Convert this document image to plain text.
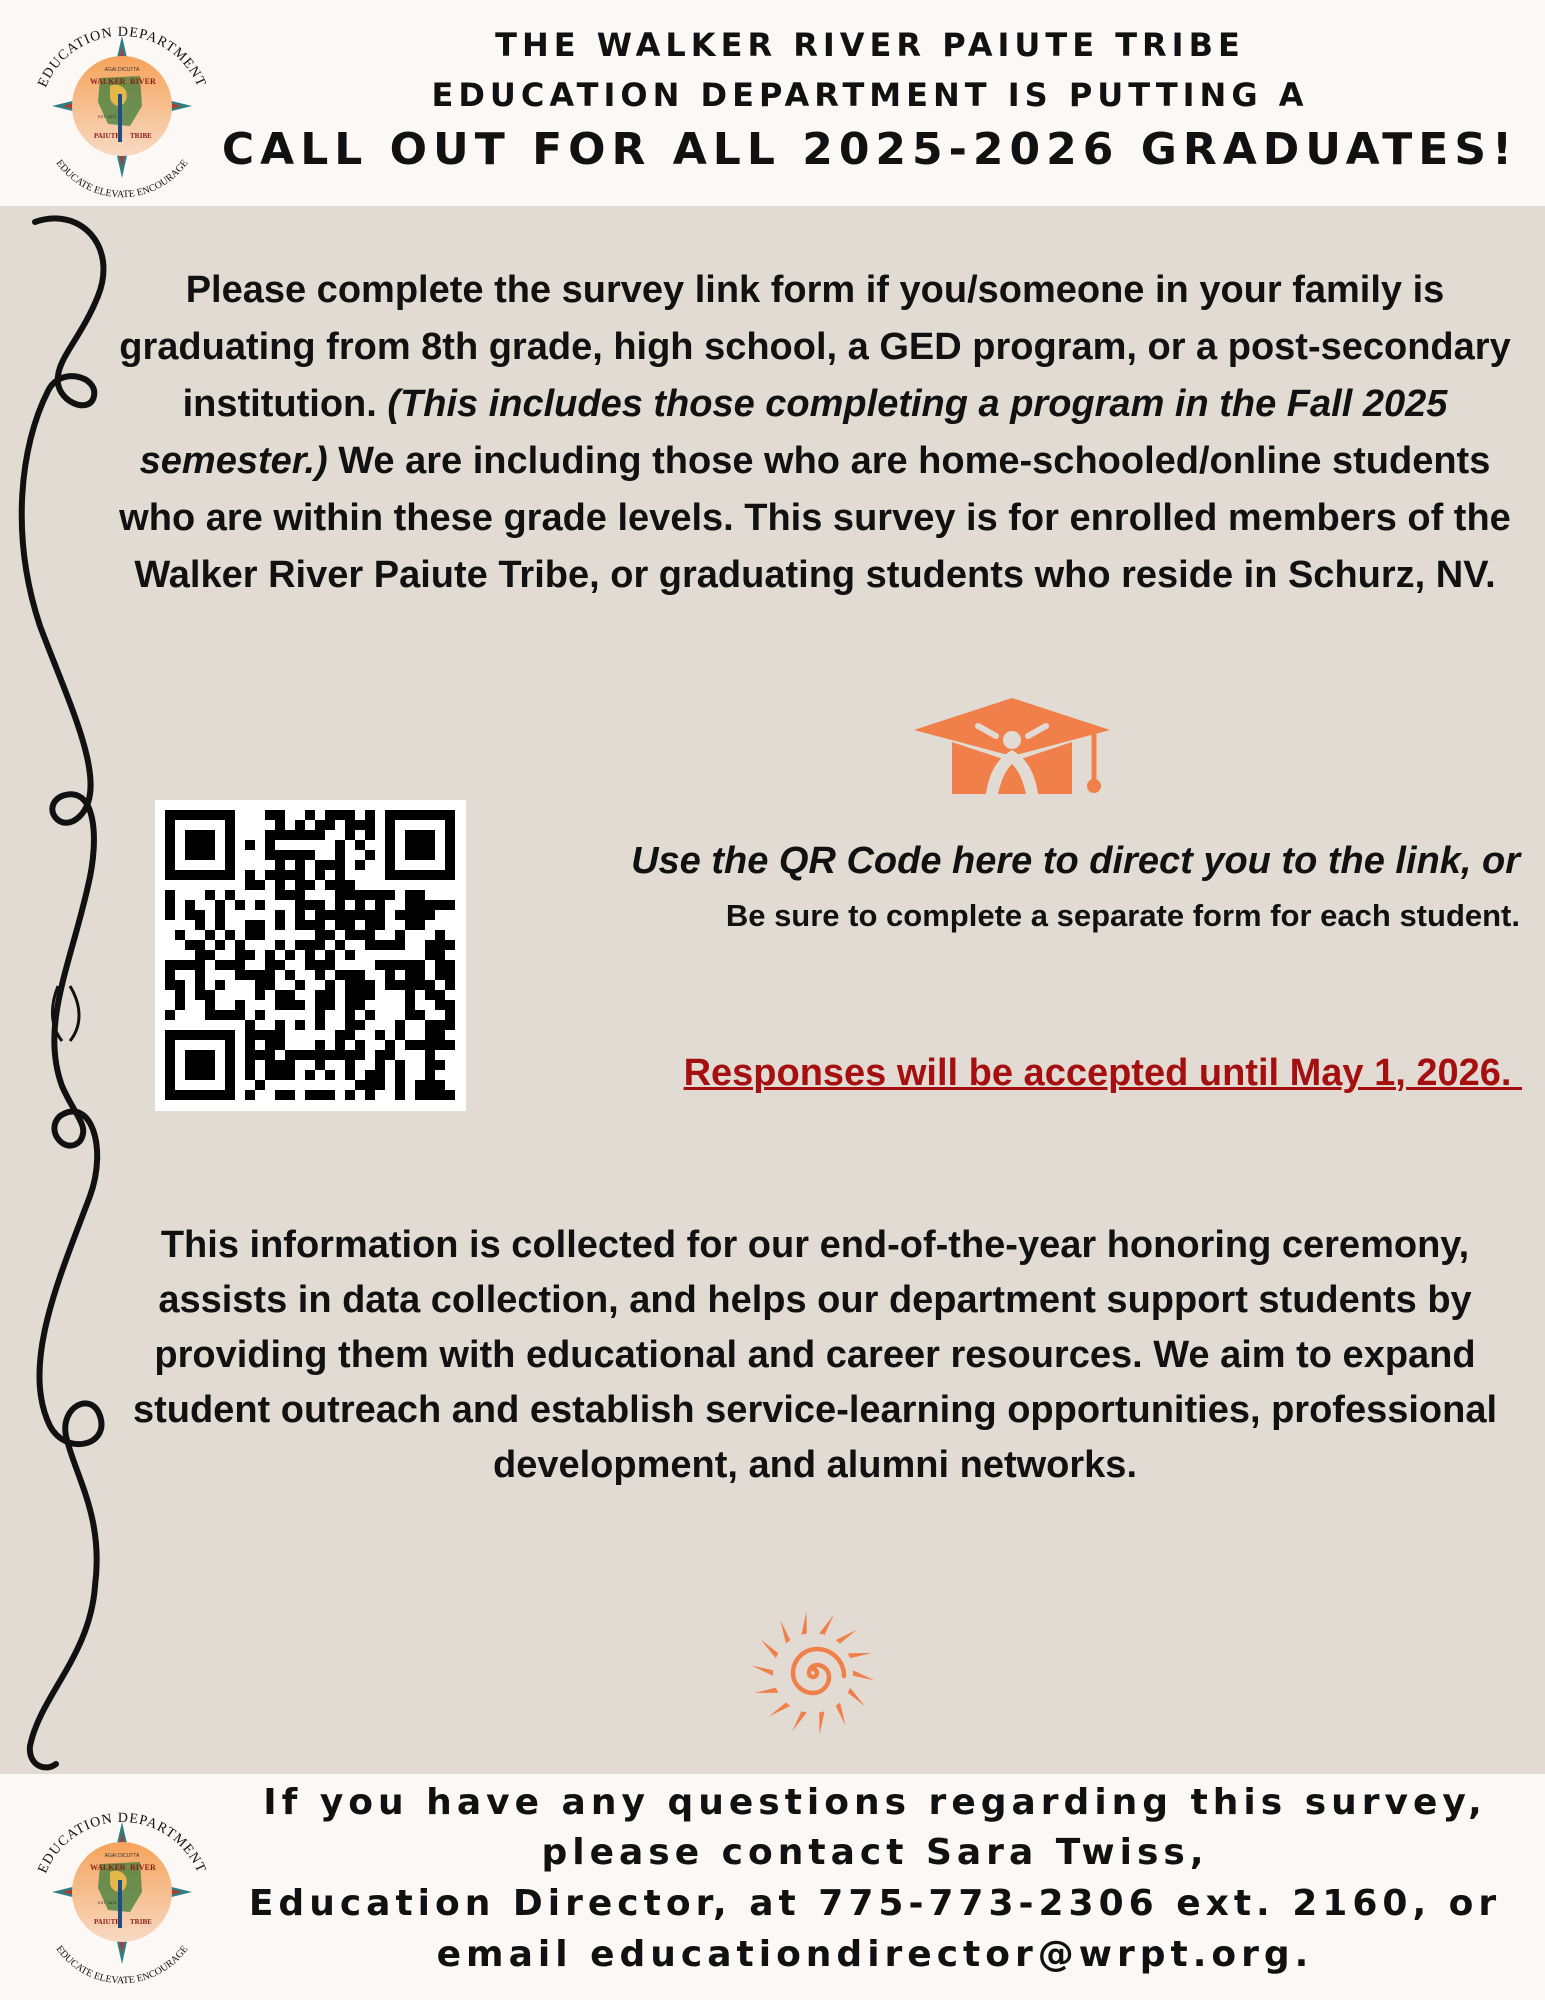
EDUCATION DEPARTMENT
EDUCATE ELEVATE ENCOURAGE
WALKER RIVER
AGAI DICUTTA
PAIUTE TRIBE
EST. 1874
THE WALKER RIVER PAIUTE TRIBE
EDUCATION DEPARTMENT IS PUTTING A
CALL OUT FOR ALL 2025-2026 GRADUATES!
Please complete the survey link form if you/someone in your family is graduating from 8th grade, high school, a GED program, or a post-secondary institution. (This includes those completing a program in the Fall 2025 semester.) We are including those who are home-schooled/online students who are within these grade levels. This survey is for enrolled members of the Walker River Paiute Tribe, or graduating students who reside in Schurz, NV.
Use the QR Code here to direct you to the link, or
Be sure to complete a separate form for each student.
Responses will be accepted until May 1, 2026.
This information is collected for our end-of-the-year honoring ceremony, assists in data collection, and helps our department support students by providing them with educational and career resources. We aim to expand student outreach and establish service-learning opportunities, professional development, and alumni networks.
EDUCATION DEPARTMENT
EDUCATE ELEVATE ENCOURAGE
WALKER RIVER
AGAI DICUTTA
PAIUTE TRIBE
EST. 1874
If you have any questions regarding this survey,
please contact Sara Twiss,
Education Director, at 775-773-2306 ext. 2160, or
email educationdirector@wrpt.org.
